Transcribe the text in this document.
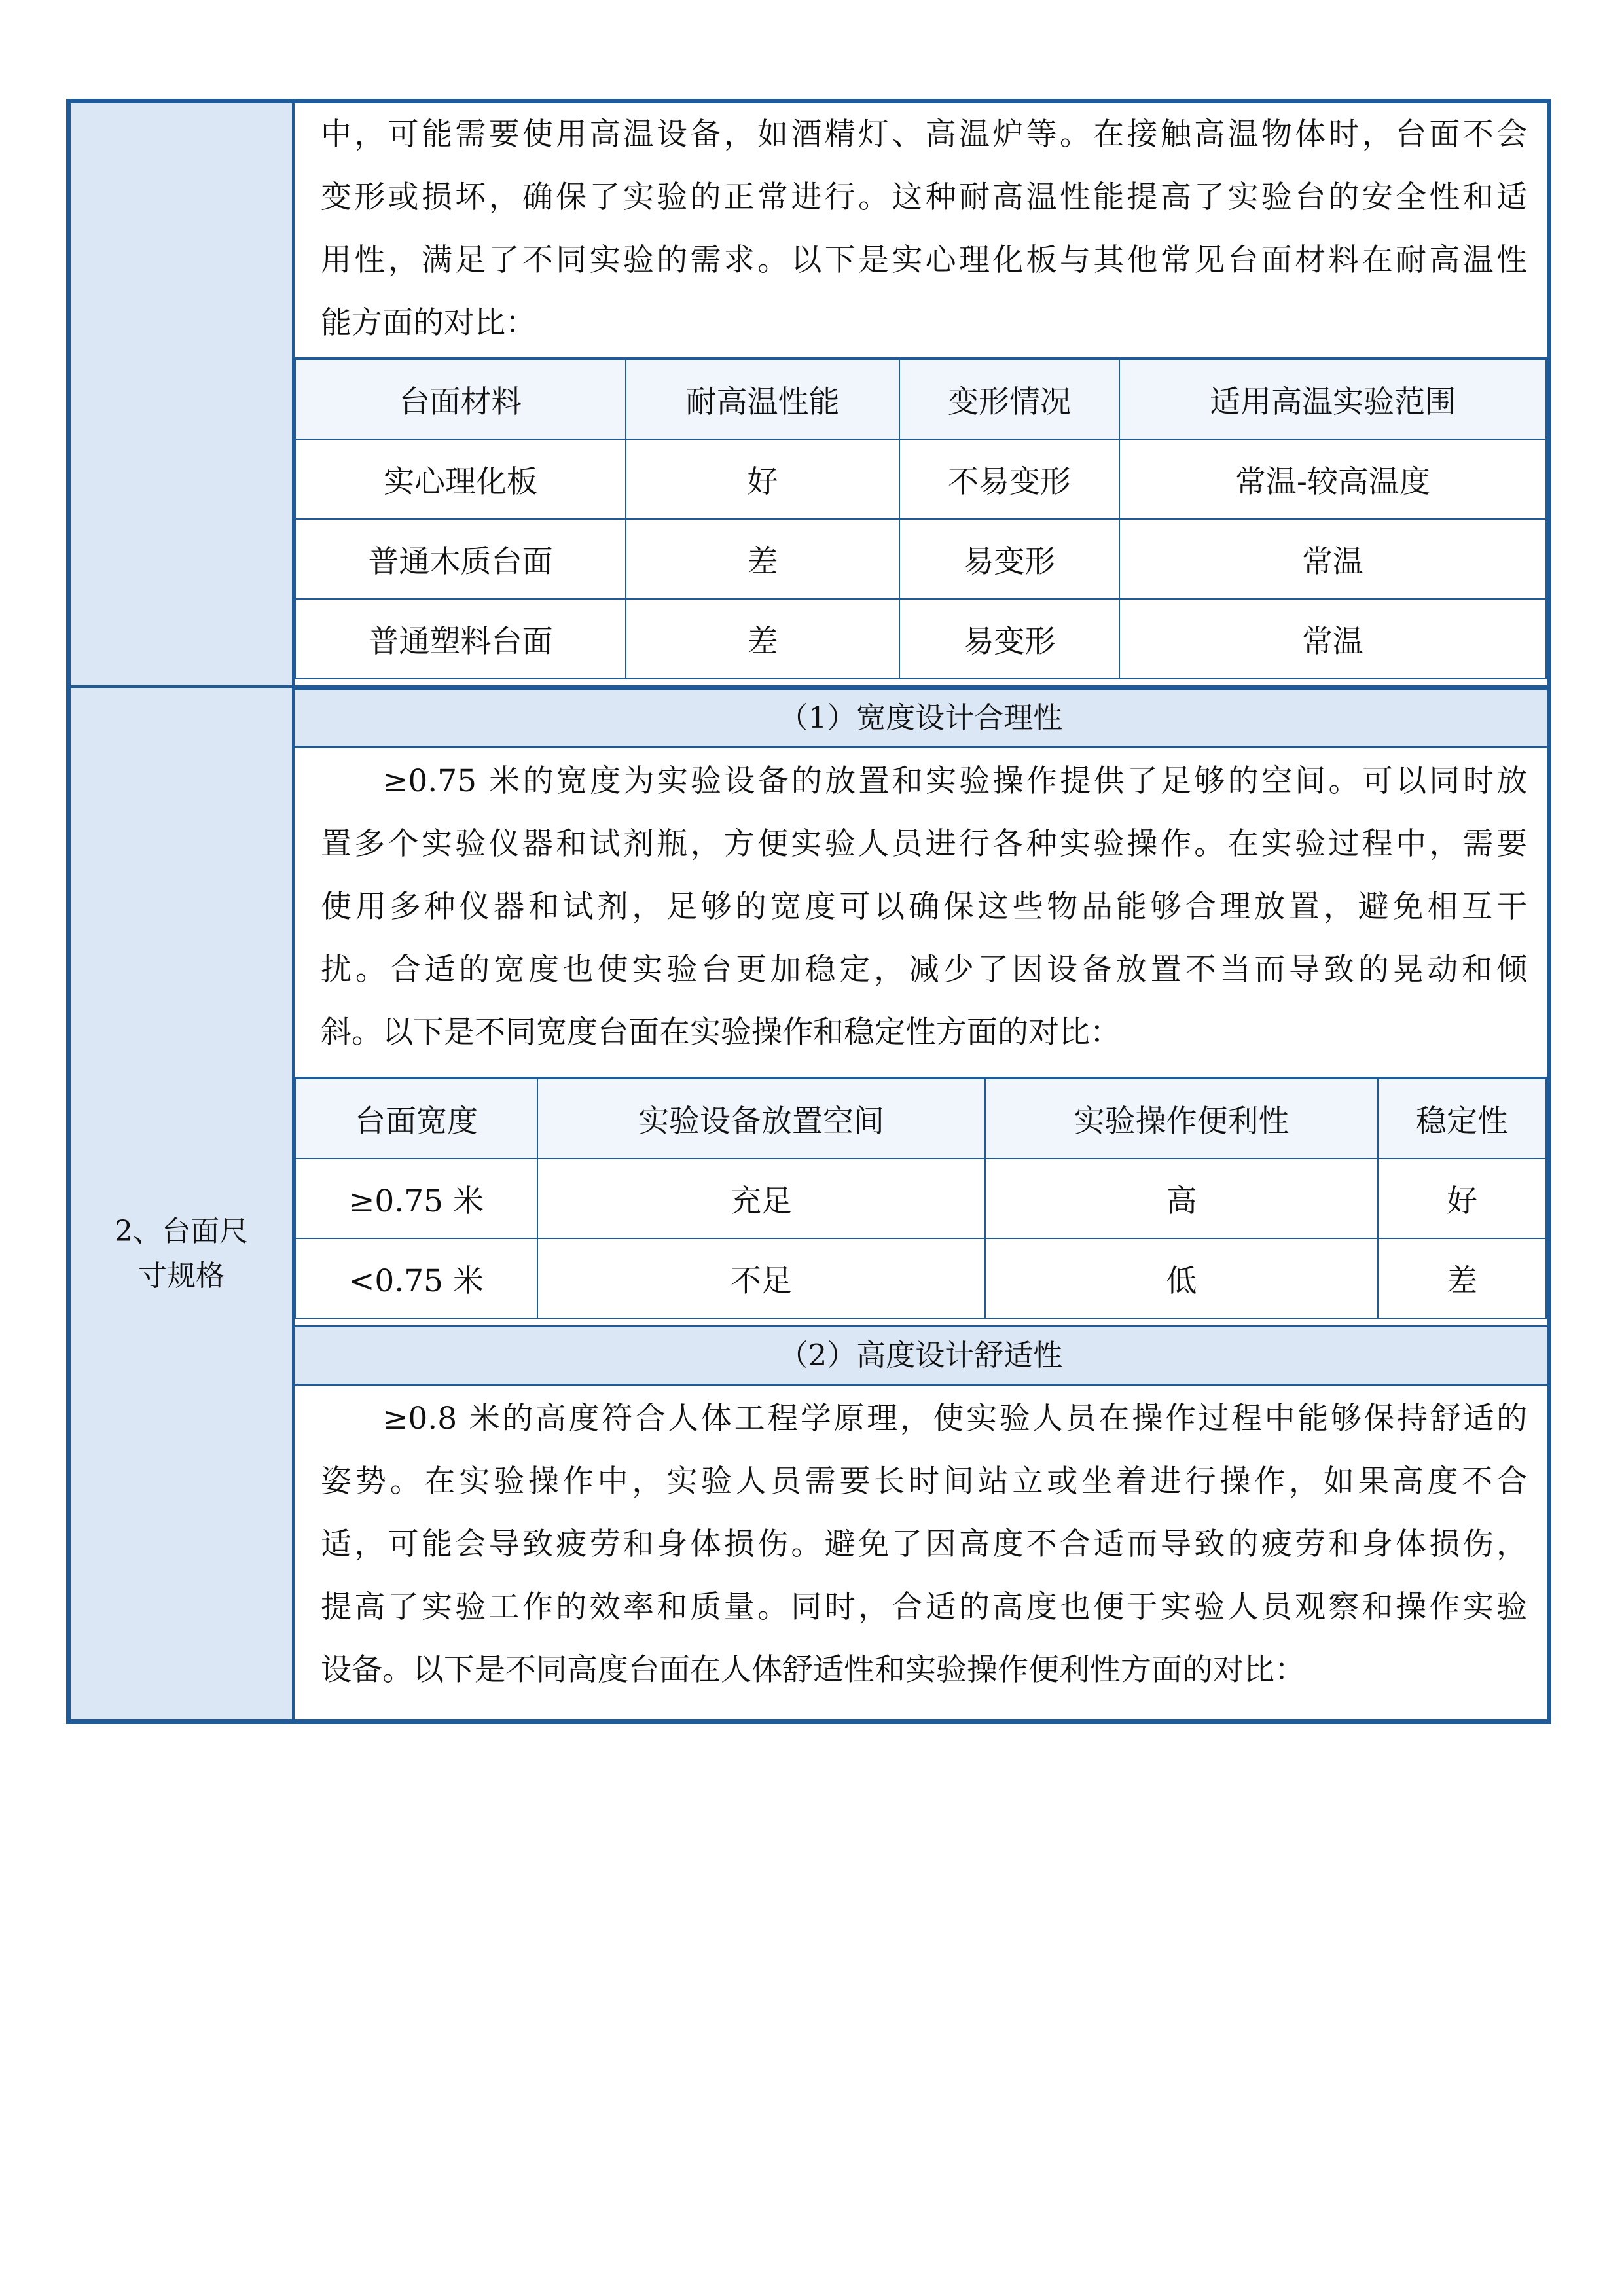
2、台面尺
寸规格
中，可能需要使用高温设备，如酒精灯、高温炉等。在接触高温物体时，台面不会
变形或损坏，确保了实验的正常进行。这种耐高温性能提高了实验台的安全性和适
用性，满足了不同实验的需求。以下是实心理化板与其他常见台面材料在耐高温性
能方面的对比：
台面材料	耐高温性能	变形情况	适用高温实验范围
实心理化板	好	不易变形	常温-较高温度
普通木质台面	差	易变形	常温
普通塑料台面	差	易变形	常温
（1）宽度设计合理性
≥0.75 米的宽度为实验设备的放置和实验操作提供了足够的空间。可以同时放
置多个实验仪器和试剂瓶，方便实验人员进行各种实验操作。在实验过程中，需要
使用多种仪器和试剂，足够的宽度可以确保这些物品能够合理放置，避免相互干
扰。合适的宽度也使实验台更加稳定，减少了因设备放置不当而导致的晃动和倾
斜。以下是不同宽度台面在实验操作和稳定性方面的对比：
台面宽度	实验设备放置空间	实验操作便利性	稳定性
≥0.75 米	充足	高	好
<0.75 米	不足	低	差
（2）高度设计舒适性
≥0.8 米的高度符合人体工程学原理，使实验人员在操作过程中能够保持舒适的
姿势。在实验操作中，实验人员需要长时间站立或坐着进行操作，如果高度不合
适，可能会导致疲劳和身体损伤。避免了因高度不合适而导致的疲劳和身体损伤，
提高了实验工作的效率和质量。同时，合适的高度也便于实验人员观察和操作实验
设备。以下是不同高度台面在人体舒适性和实验操作便利性方面的对比：
